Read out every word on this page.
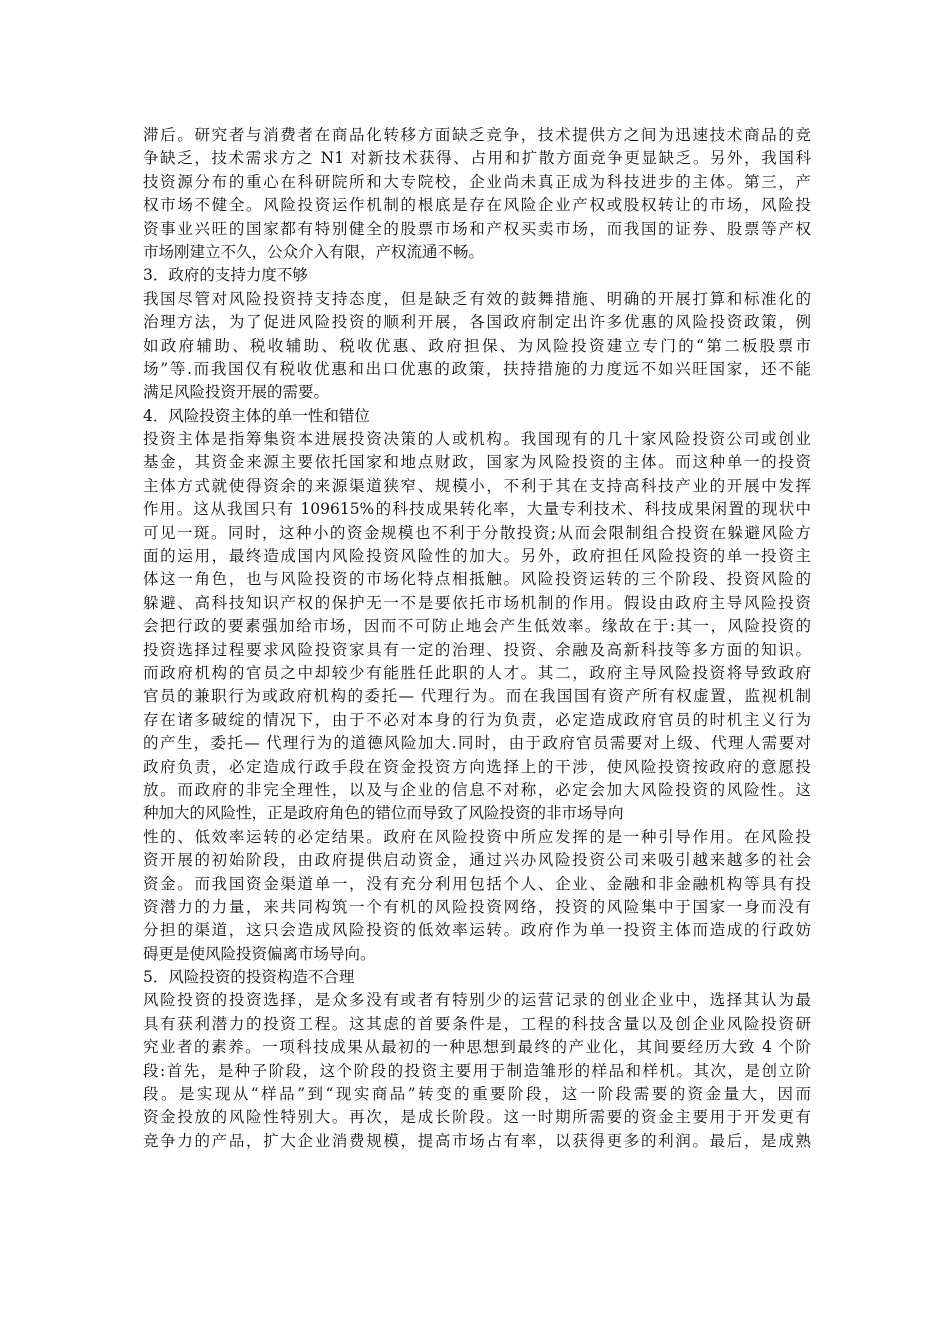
滞后。研究者与消费者在商品化转移方面缺乏竞争，技术提供方之间为迅速技术商品的竞
争缺乏，技术需求方之 N1 对新技术获得、占用和扩散方面竞争更显缺乏。另外，我国科
技资源分布的重心在科研院所和大专院校，企业尚未真正成为科技进步的主体。第三，产
权市场不健全。风险投资运作机制的根底是存在风险企业产权或股权转让的市场，风险投
资事业兴旺的国家都有特别健全的股票市场和产权买卖市场，而我国的证券、股票等产权
市场刚建立不久，公众介入有限，产权流通不畅。
3．政府的支持力度不够
我国尽管对风险投资持支持态度，但是缺乏有效的鼓舞措施、明确的开展打算和标准化的
治理方法，为了促进风险投资的顺利开展，各国政府制定出许多优惠的风险投资政策，例
如政府辅助、税收辅助、税收优惠、政府担保、为风险投资建立专门的“第二板股票市
场”等.而我国仅有税收优惠和出口优惠的政策，扶持措施的力度远不如兴旺国家，还不能
满足风险投资开展的需要。
4．风险投资主体的单一性和错位
投资主体是指筹集资本进展投资决策的人或机构。我国现有的几十家风险投资公司或创业
基金，其资金来源主要依托国家和地点财政，国家为风险投资的主体。而这种单一的投资
主体方式就使得资余的来源渠道狭窄、规模小，不利于其在支持高科技产业的开展中发挥
作用。这从我国只有 109615%的科技成果转化率，大量专利技术、科技成果闲置的现状中
可见一斑。同时，这种小的资金规模也不利于分散投资;从而会限制组合投资在躲避风险方
面的运用，最终造成国内风险投资风险性的加大。另外，政府担任风险投资的单一投资主
体这一角色，也与风险投资的市场化特点相抵触。风险投资运转的三个阶段、投资风险的
躲避、高科技知识产权的保护无一不是要依托市场机制的作用。假设由政府主导风险投资
会把行政的要素强加给市场，因而不可防止地会产生低效率。缘故在于:其一，风险投资的
投资选择过程要求风险投资家具有一定的治理、投资、余融及高新科技等多方面的知识。
而政府机构的官员之中却较少有能胜任此职的人才。其二，政府主导风险投资将导致政府
官员的兼职行为或政府机构的委托— 代理行为。而在我国国有资产所有权虚置，监视机制
存在诸多破绽的情况下，由于不必对本身的行为负责，必定造成政府官员的时机主义行为
的产生，委托— 代理行为的道德风险加大.同时，由于政府官员需要对上级、代理人需要对
政府负责，必定造成行政手段在资金投资方向选择上的干涉，使风险投资按政府的意愿投
放。而政府的非完全理性，以及与企业的信息不对称，必定会加大风险投资的风险性。这
种加大的风险性，正是政府角色的错位而导致了风险投资的非市场导向
性的、低效率运转的必定结果。政府在风险投资中所应发挥的是一种引导作用。在风险投
资开展的初始阶段，由政府提供启动资金，通过兴办风险投资公司来吸引越来越多的社会
资金。而我国资金渠道单一，没有充分利用包括个人、企业、金融和非金融机构等具有投
资潜力的力量，来共同构筑一个有机的风险投资网络，投资的风险集中于国家一身而没有
分担的渠道，这只会造成风险投资的低效率运转。政府作为单一投资主体而造成的行政妨
碍更是使风险投资偏离市场导向。
5．风险投资的投资构造不合理
风险投资的投资选择，是众多没有或者有特别少的运营记录的创业企业中，选择其认为最
具有获利潜力的投资工程。这其虑的首要条件是，工程的科技含量以及创企业风险投资研
究业者的素养。一项科技成果从最初的一种思想到最终的产业化，其间要经历大致 4 个阶
段:首先，是种子阶段，这个阶段的投资主要用于制造雏形的样品和样机。其次，是创立阶
段。是实现从“样品”到“现实商品”转变的重要阶段，这一阶段需要的资金量大，因而
资金投放的风险性特别大。再次，是成长阶段。这一时期所需要的资金主要用于开发更有
竞争力的产品，扩大企业消费规模，提高市场占有率，以获得更多的利润。最后，是成熟
